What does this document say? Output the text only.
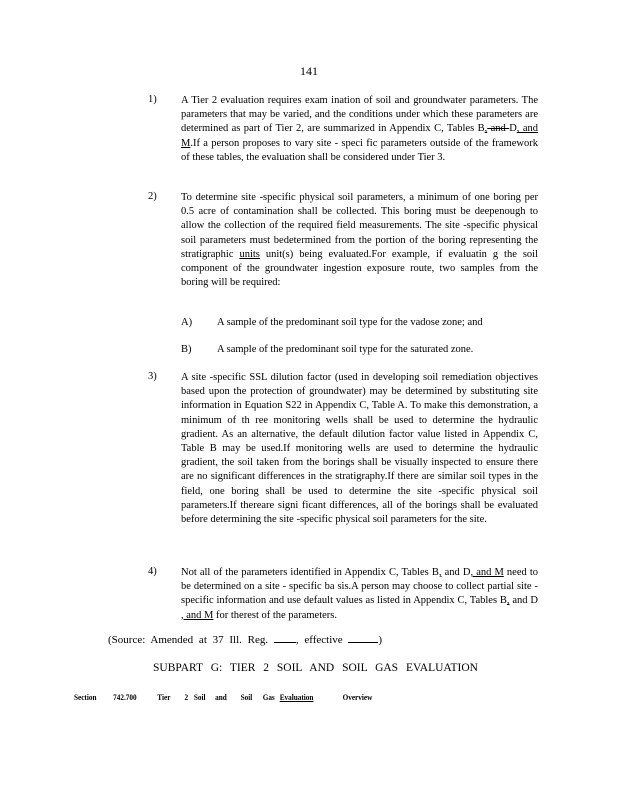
141
1) A Tier 2 evaluation requires exam ination of soil and groundwater parameters. The parameters that may be varied, and the conditions under which these parameters are determined as part of Tier 2, are summarized in Appendix C, Tables B, and D, and M.If a person proposes to vary site - speci fic parameters outside of the framework of these tables, the evaluation shall be considered under Tier 3.
2) To determine site -specific physical soil parameters, a minimum of one boring per 0.5 acre of contamination shall be collected. This boring must be deepenough to allow the collection of the required field measurements. The site -specific physical soil parameters must bedetermined from the portion of the boring representing the stratigraphic units unit(s) being evaluated.For example, if evaluatin g the soil component of the groundwater ingestion exposure route, two samples from the boring will be required:
A) A sample of the predominant soil type for the vadose zone; and
B) A sample of the predominant soil type for the saturated zone.
3) A site -specific SSL dilution factor (used in developing soil remediation objectives based upon the protection of groundwater) may be determined by substituting site information in Equation S22 in Appendix C, Table A. To make this demonstration, a minimum of th ree monitoring wells shall be used to determine the hydraulic gradient. As an alternative, the default dilution factor value listed in Appendix C, Table B may be used.If monitoring wells are used to determine the hydraulic gradient, the soil taken from the borings shall be visually inspected to ensure there are no significant differences in the stratigraphy.If there are similar soil types in the field, one boring shall be used to determine the site -specific physical soil parameters.If thereare signi ficant differences, all of the borings shall be evaluated before determining the site -specific physical soil parameters for the site.
4) Not all of the parameters identified in Appendix C, Tables B, and D, and M need to be determined on a site - specific ba sis.A person may choose to collect partial site -specific information and use default values as listed in Appendix C, Tables B, and D , and M for therest of the parameters.
(Source: Amended at 37 Ill. Reg.	, effective	)
SUBPART G: TIER 2 SOIL AND SOIL GAS EVALUATION
Section 742.700 Tier 2 Soil and Soil Gas Evaluation	Overview
